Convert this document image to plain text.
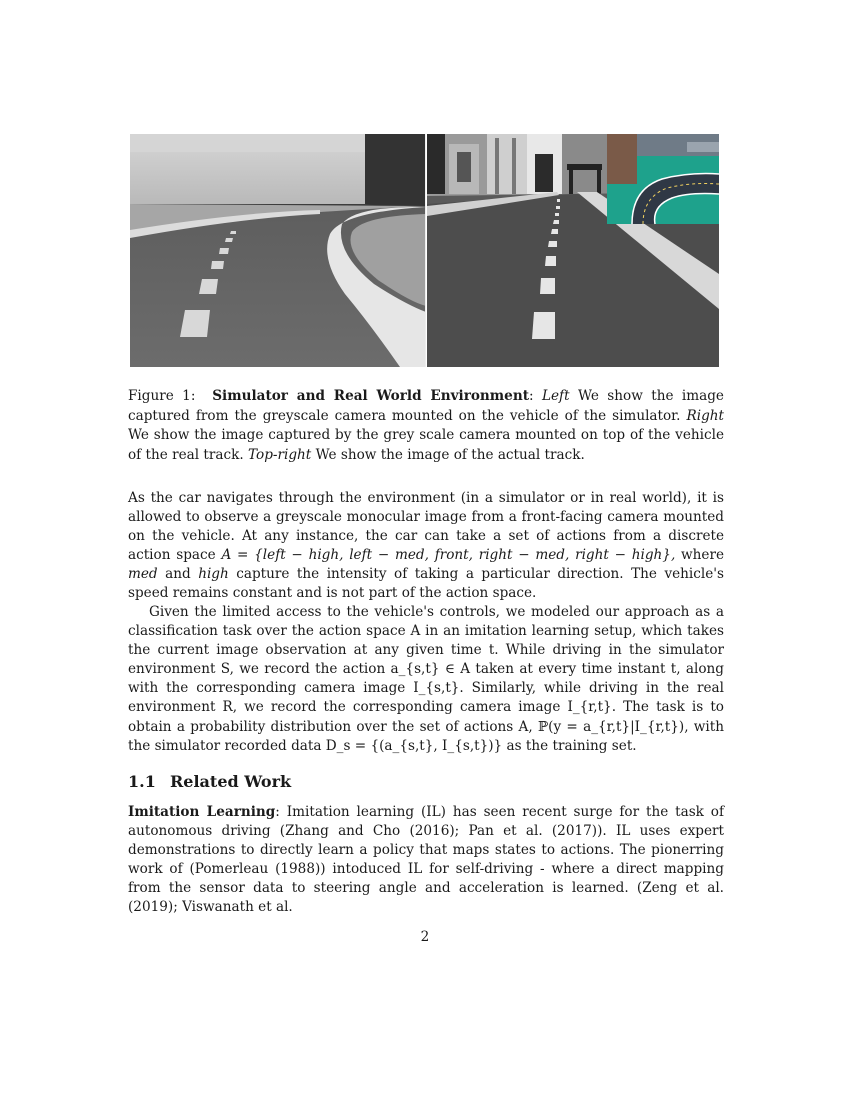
Figure 1: Simulator and Real World Environment: Left We show the image captured from the greyscale camera mounted on the vehicle of the simulator. Right We show the image captured by the grey scale camera mounted on top of the vehicle of the real track. Top-right We show the image of the actual track.
As the car navigates through the environment (in a simulator or in real world), it is allowed to observe a greyscale monocular image from a front-facing camera mounted on the vehicle. At any instance, the car can take a set of actions from a discrete action space A = {left − high, left − med, front, right − med, right − high}, where med and high capture the intensity of taking a particular direction. The vehicle's speed remains constant and is not part of the action space.
Given the limited access to the vehicle's controls, we modeled our approach as a classification task over the action space A in an imitation learning setup, which takes the current image observation at any given time t. While driving in the simulator environment S, we record the action a_{s,t} ∈ A taken at every time instant t, along with the corresponding camera image I_{s,t}. Similarly, while driving in the real environment R, we record the corresponding camera image I_{r,t}. The task is to obtain a probability distribution over the set of actions A, ℙ(y = a_{r,t}|I_{r,t}), with the simulator recorded data D_s = {(a_{s,t}, I_{s,t})} as the training set.
1.1 Related Work
Imitation Learning: Imitation learning (IL) has seen recent surge for the task of autonomous driving (Zhang and Cho (2016); Pan et al. (2017)). IL uses expert demonstrations to directly learn a policy that maps states to actions. The pionerring work of (Pomerleau (1988)) intoduced IL for self-driving - where a direct mapping from the sensor data to steering angle and acceleration is learned. (Zeng et al. (2019); Viswanath et al.
2
